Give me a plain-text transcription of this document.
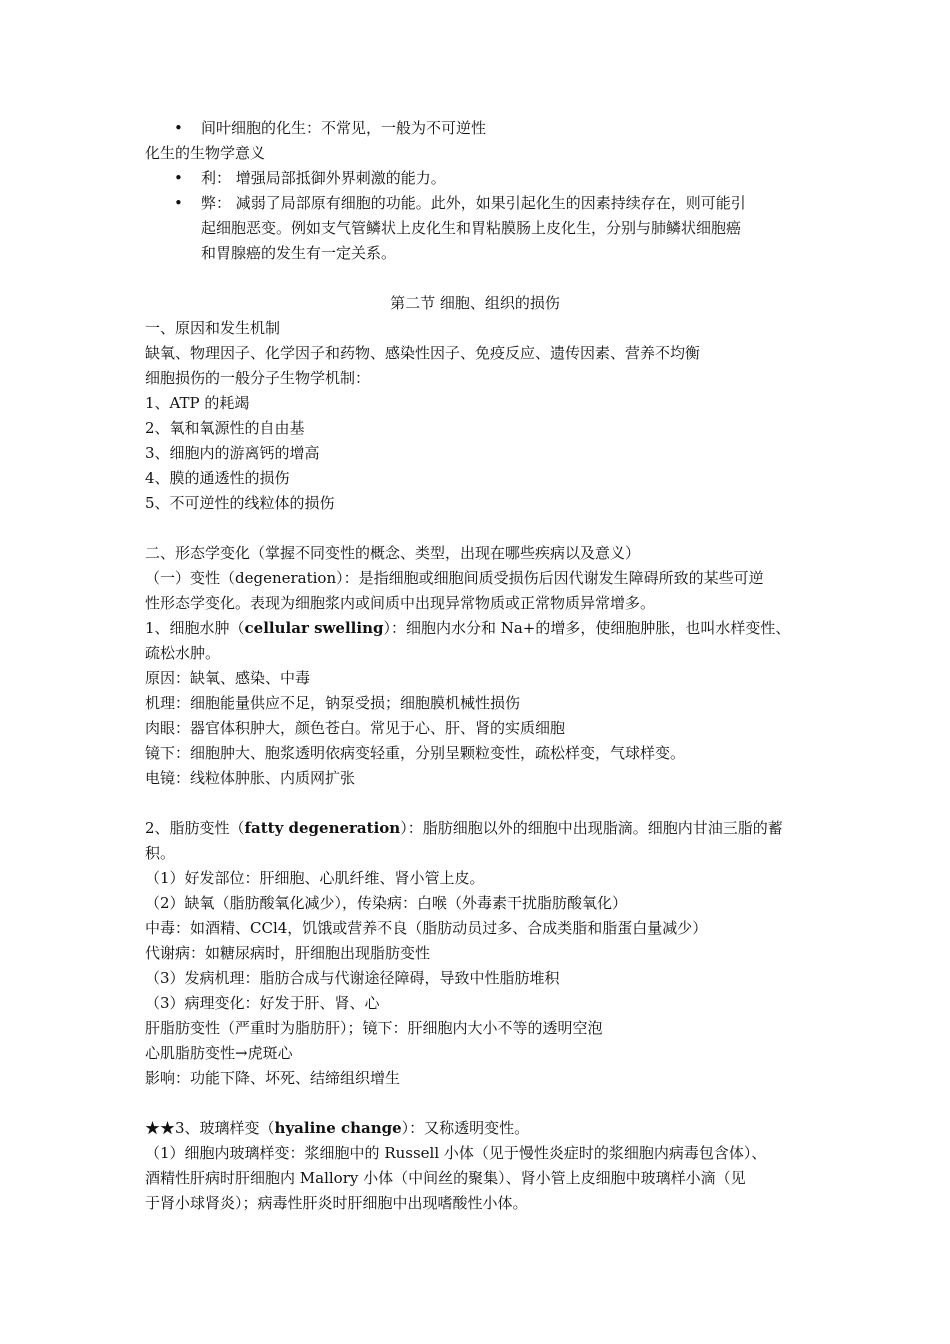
• 间叶细胞的化生：不常见，一般为不可逆性
化生的生物学意义
• 利： 增强局部抵御外界刺激的能力。
• 弊： 减弱了局部原有细胞的功能。此外，如果引起化生的因素持续存在，则可能引
起细胞恶变。例如支气管鳞状上皮化生和胃粘膜肠上皮化生，分别与肺鳞状细胞癌
和胃腺癌的发生有一定关系。
第二节 细胞、组织的损伤
一、原因和发生机制
缺氧、物理因子、化学因子和药物、感染性因子、免疫反应、遗传因素、营养不均衡
细胞损伤的一般分子生物学机制：
1、ATP 的耗竭
2、氧和氧源性的自由基
3、细胞内的游离钙的增高
4、膜的通透性的损伤
5、不可逆性的线粒体的损伤
二、形态学变化（掌握不同变性的概念、类型，出现在哪些疾病以及意义）
（一）变性（degeneration）：是指细胞或细胞间质受损伤后因代谢发生障碍所致的某些可逆
性形态学变化。表现为细胞浆内或间质中出现异常物质或正常物质异常增多。
1、细胞水肿（cellular swelling）：细胞内水分和 Na+的增多，使细胞肿胀，也叫水样变性、
疏松水肿。
原因：缺氧、感染、中毒
机理：细胞能量供应不足，钠泵受损；细胞膜机械性损伤
肉眼：器官体积肿大，颜色苍白。常见于心、肝、肾的实质细胞
镜下：细胞肿大、胞浆透明依病变轻重，分别呈颗粒变性，疏松样变，气球样变。
电镜：线粒体肿胀、内质网扩张
2、脂肪变性（fatty degeneration）：脂肪细胞以外的细胞中出现脂滴。细胞内甘油三脂的蓄
积。
（1）好发部位：肝细胞、心肌纤维、肾小管上皮。
（2）缺氧（脂肪酸氧化减少），传染病：白喉（外毒素干扰脂肪酸氧化）
中毒：如酒精、CCl4，饥饿或营养不良（脂肪动员过多、合成类脂和脂蛋白量减少）
代谢病：如糖尿病时，肝细胞出现脂肪变性
（3）发病机理：脂肪合成与代谢途径障碍，导致中性脂肪堆积
（3）病理变化：好发于肝、肾、心
肝脂肪变性（严重时为脂肪肝）；镜下：肝细胞内大小不等的透明空泡
心肌脂肪变性→虎斑心
影响：功能下降、坏死、结缔组织增生
★★3、玻璃样变（hyaline change）：又称透明变性。
（1）细胞内玻璃样变：浆细胞中的 Russell 小体（见于慢性炎症时的浆细胞内病毒包含体）、
酒精性肝病时肝细胞内 Mallory 小体（中间丝的聚集）、肾小管上皮细胞中玻璃样小滴（见
于肾小球肾炎）；病毒性肝炎时肝细胞中出现嗜酸性小体。
